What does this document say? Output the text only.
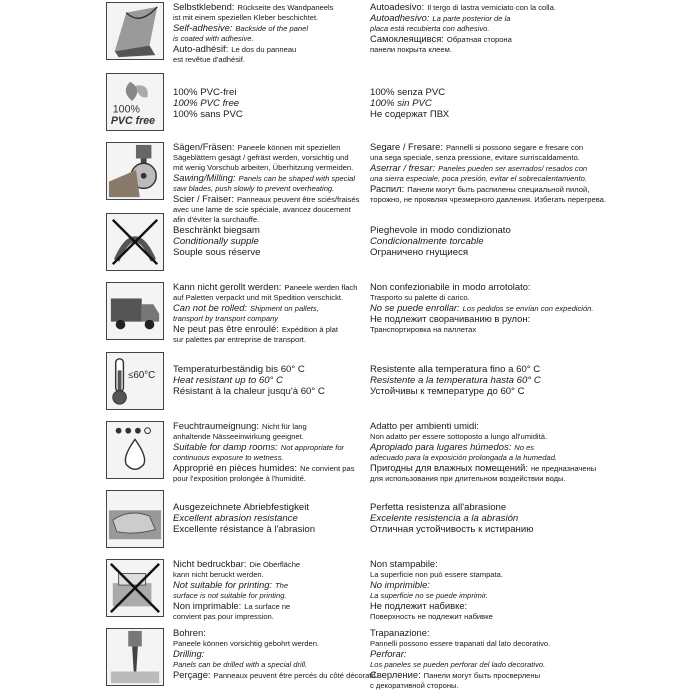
Selbstklebend: Rückseite des Wandpaneels

ist mit einem speziellen Kleber beschichtet.

Self-adhesive: Backside of the panel

is coated with adhesive.

Auto-adhésif: Le dos du panneau

est revêtue d'adhésif.

Autoadesivo: Il tergo di lastra verniciato con la colla.

Autoadhesivo: La parte posterior de la

placa está recubierta con adhesivo.

Самоклеящився: Обратная сторона

панели покрыта клеем.

100%
PVC free

100% PVC-frei

100% PVC free

100% sans PVC

100% senza PVC

100% sin PVC

Не содержат ПВХ

Sägen/Fräsen: Paneele können mit speziellen

Sägeblättern gesägt / gefräst werden, vorsichtig und

mit wenig Vorschub arbeiten, Überhitzung vermeiden.

Sawing/Milling: Panels can be shaped with special

saw blades, push slowly to prevent overheating.

Scier / Fraiser: Panneaux peuvent être sciés/fraisés

avec une lame de scie spéciale, avancez doucement

afin d'éviter la surchauffe.

Segare / Fresare: Pannelli si possono segare e fresare con

una sega speciale, senza pressione, evitare surriscaldamento.

Aserrar / fresar: Paneles pueden ser aserrados/ resados con

una sierra especiale, poca presión, evitar el sobrecalentamiento.

Распил: Панели могут быть распилены специальной пилой,

торожно, не проявляя чрезмерного давления. Избегать перегрева.

Beschränkt biegsam

Conditionally supple

Souple sous réserve

Pieghevole in modo condizionato

Condicionalmente torcable

Ограничено гнущиеся

Kann nicht gerollt werden: Paneele werden flach

auf Paletten verpackt und mit Spedition verschickt.

Can not be rolled: Shipment on pallets,

transport by transport company

Ne peut pas être enroulé: Expédition à plat

sur palettes par entreprise de transport.

Non confezionabile in modo arrotolato:

Trasporto su palette di carico.

No se puede enrollar: Los pedidos se envían con expedición.

Не подлежит сворачиванию в рулон:

Транспортировка на паллетах

≤60°C

Temperaturbeständig bis 60° C

Heat resistant up to 60° C

Résistant à la chaleur jusqu'à 60° C

Resistente alla temperatura fino a 60° C

Resistente a la temperatura hasta 60° C

Устойчивы к температуре до 60° C

Feuchtraumeignung: Nicht für lang

anhaltende Nässeeinwirkung geeignet.

Suitable for damp rooms: Not appropriate for

continuous exposure to wetness.

Approprié en pièces humides: Ne convient pas

pour l'exposition prolongée à l'humidité.

Adatto per ambienti umidi:

Non adatto per essere sottoposto a lungo all'umidità.

Apropiado para lugares húmedos: No es

adecuado para la exposición prolongada a la humedad.

Пригодны для влажных помещений: не предназначены

для использования при длительном воздействии воды.

Ausgezeichnete Abriebfestigkeit

Excellent abrasion resistance

Excellente résistance à l'abrasion

Perfetta resistenza all'abrasione

Excelente resistencia a la abrasión

Отличная устойчивость к истиранию

Nicht bedruckbar: Die Oberfläche

kann nicht beruckt werden.

Not suitable for printing: The

surface is not suitable for printing.

Non imprimable: La surface ne

convient pas pour impression.

Non stampabile:

La superficie non può essere stampata.

No imprimible:

La superficie no se puede imprimir.

Не подлежит набивке:

Поверхность не подлежит набивке

Bohren:

Paneele können vorsichtig gebohrt werden.

Drilling:

Panels can be drilled with a special drill.

Perçage: Panneaux peuvent être percés du côté décoratif.

Trapanazione:

Pannelli possono essere trapanati dal lato decorativo.

Perforar:

Los paneles se pueden perforar del lado decorativo.

Сверление: Панели могут быть просверлены

с декоративной стороны.
